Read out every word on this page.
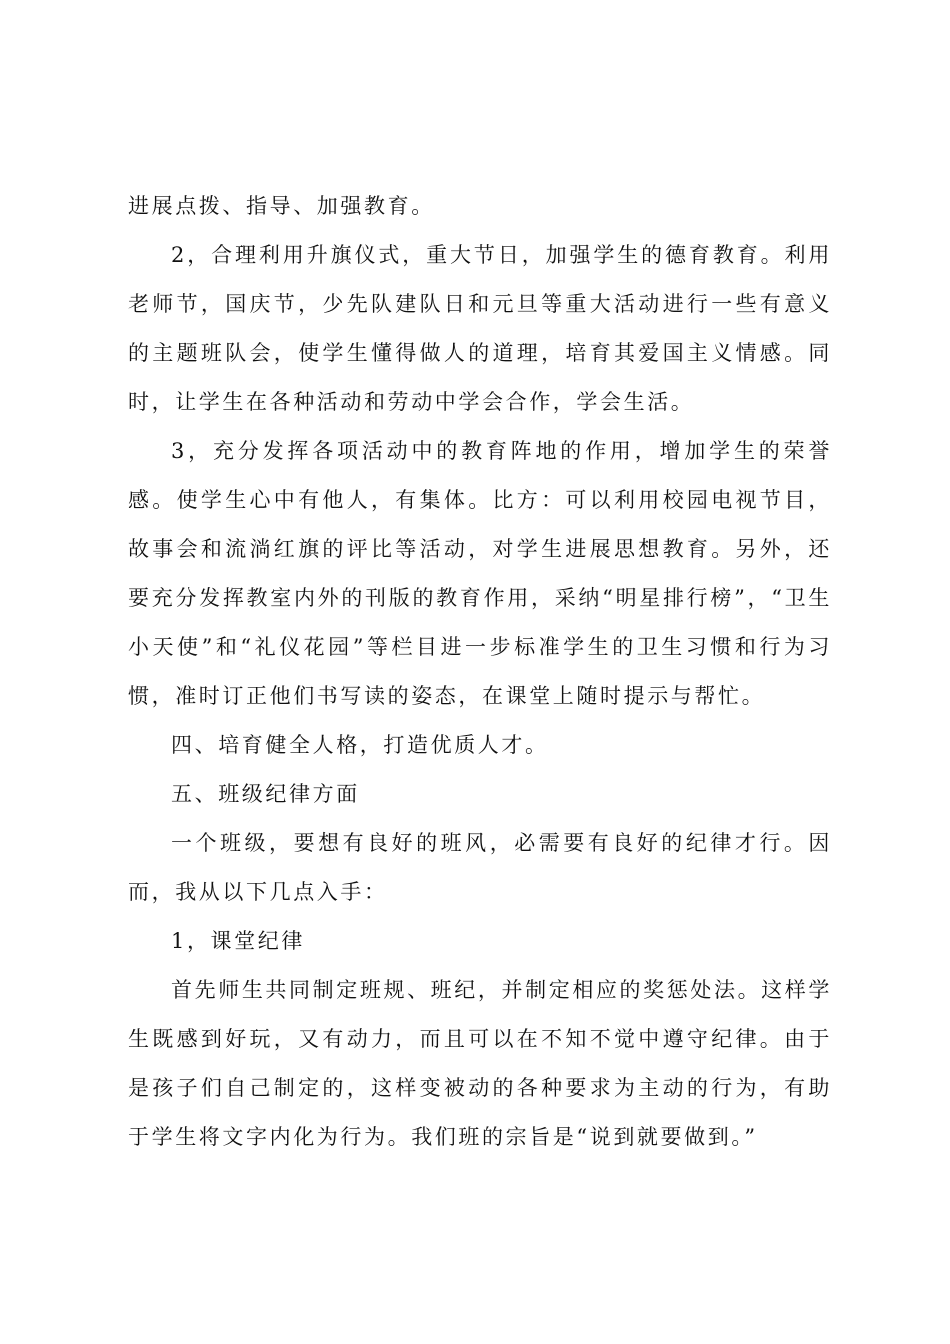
进展点拨、指导、加强教育。

2，合理利用升旗仪式，重大节日，加强学生的德育教育。利用老师节，国庆节，少先队建队日和元旦等重大活动进行一些有意义的主题班队会，使学生懂得做人的道理，培育其爱国主义情感。同时，让学生在各种活动和劳动中学会合作，学会生活。

3，充分发挥各项活动中的教育阵地的作用，增加学生的荣誉感。使学生心中有他人，有集体。比方：可以利用校园电视节目，故事会和流淌红旗的评比等活动，对学生进展思想教育。另外，还要充分发挥教室内外的刊版的教育作用，采纳“明星排行榜”，“卫生小天使”和“礼仪花园”等栏目进一步标准学生的卫生习惯和行为习惯，准时订正他们书写读的姿态，在课堂上随时提示与帮忙。

四、培育健全人格，打造优质人才。

五、班级纪律方面

一个班级，要想有良好的班风，必需要有良好的纪律才行。因而，我从以下几点入手：

1，课堂纪律

首先师生共同制定班规、班纪，并制定相应的奖惩处法。这样学生既感到好玩，又有动力，而且可以在不知不觉中遵守纪律。由于是孩子们自己制定的，这样变被动的各种要求为主动的行为，有助于学生将文字内化为行为。我们班的宗旨是“说到就要做到。”
